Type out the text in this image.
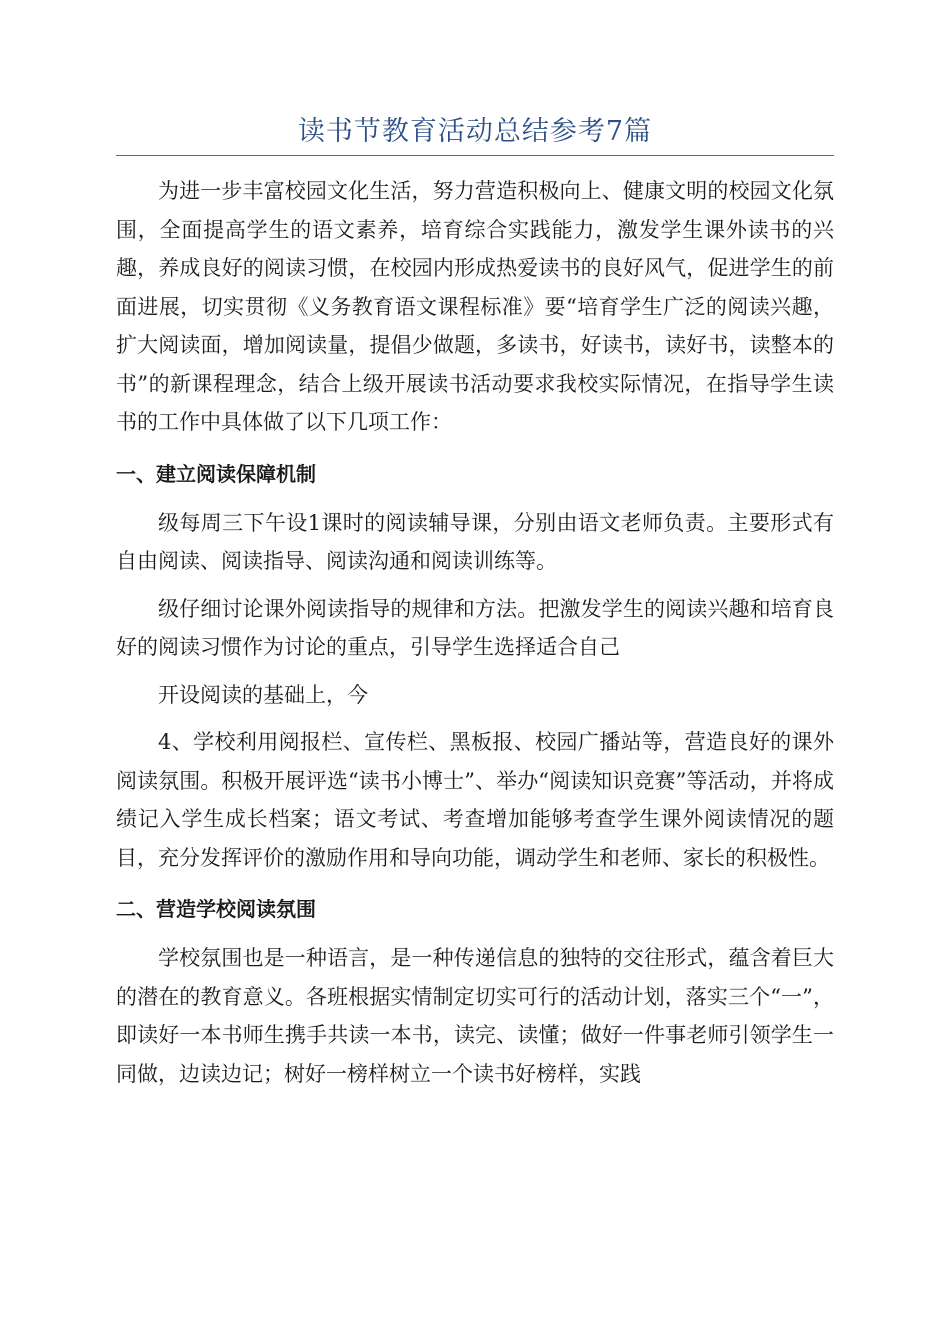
读书节教育活动总结参考7篇

为进一步丰富校园文化生活，努力营造积极向上、健康文明的校园文化氛围，全面提高学生的语文素养，培育综合实践能力，激发学生课外读书的兴趣，养成良好的阅读习惯，在校园内形成热爱读书的良好风气，促进学生的前面进展，切实贯彻《义务教育语文课程标准》要“培育学生广泛的阅读兴趣，扩大阅读面，增加阅读量，提倡少做题，多读书，好读书，读好书，读整本的书”的新课程理念，结合上级开展读书活动要求我校实际情况，在指导学生读书的工作中具体做了以下几项工作：

一、建立阅读保障机制

级每周三下午设1课时的阅读辅导课，分别由语文老师负责。主要形式有自由阅读、阅读指导、阅读沟通和阅读训练等。

级仔细讨论课外阅读指导的规律和方法。把激发学生的阅读兴趣和培育良好的阅读习惯作为讨论的重点，引导学生选择适合自己

开设阅读的基础上，今

4、学校利用阅报栏、宣传栏、黑板报、校园广播站等，营造良好的课外阅读氛围。积极开展评选“读书小博士”、举办“阅读知识竞赛”等活动，并将成绩记入学生成长档案；语文考试、考查增加能够考查学生课外阅读情况的题目，充分发挥评价的激励作用和导向功能，调动学生和老师、家长的积极性。

二、营造学校阅读氛围

学校氛围也是一种语言，是一种传递信息的独特的交往形式，蕴含着巨大的潜在的教育意义。各班根据实情制定切实可行的活动计划，落实三个“一”，即读好一本书师生携手共读一本书，读完、读懂；做好一件事老师引领学生一同做，边读边记；树好一榜样树立一个读书好榜样，实践
